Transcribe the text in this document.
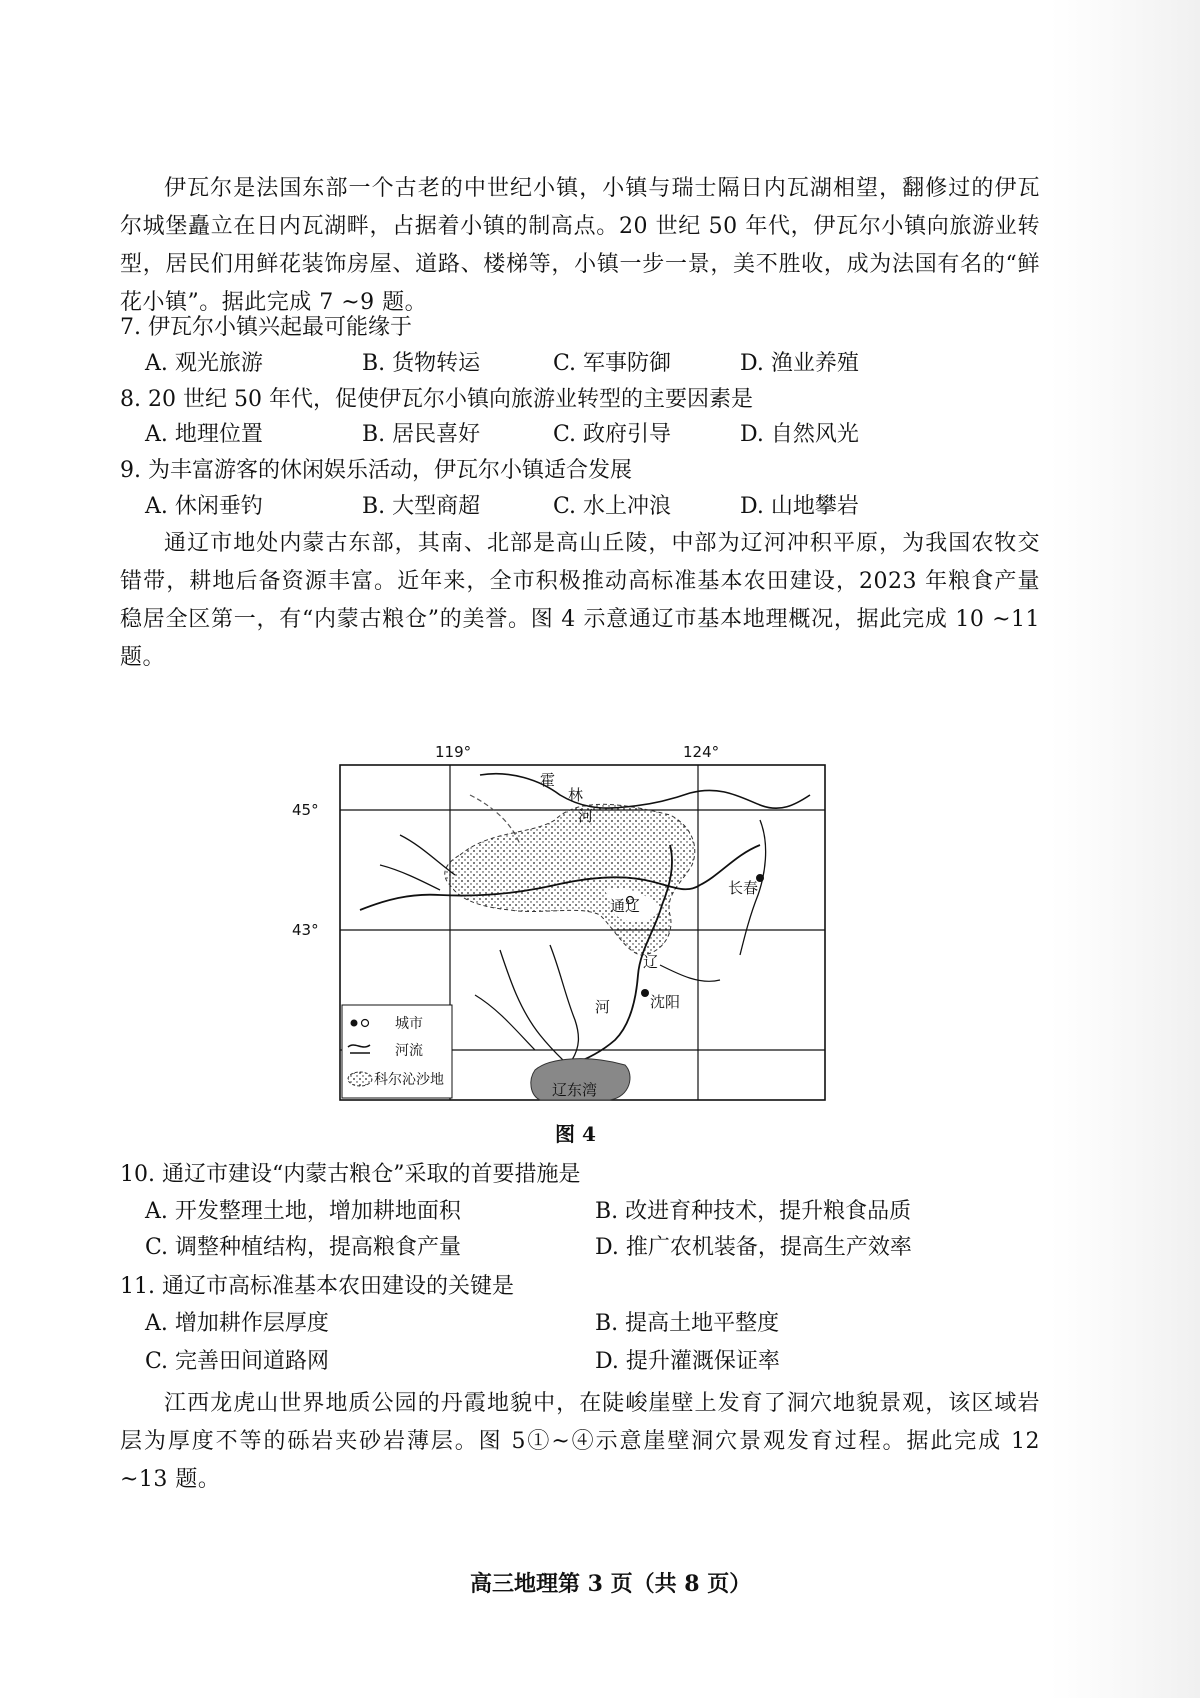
伊瓦尔是法国东部一个古老的中世纪小镇，小镇与瑞士隔日内瓦湖相望，翻修过的伊瓦尔城堡矗立在日内瓦湖畔，占据着小镇的制高点。20 世纪 50 年代，伊瓦尔小镇向旅游业转型，居民们用鲜花装饰房屋、道路、楼梯等，小镇一步一景，美不胜收，成为法国有名的“鲜花小镇”。据此完成 7 ~9 题。

7. 伊瓦尔小镇兴起最可能缘于

A. 观光旅游	B. 货物转运	C. 军事防御	D. 渔业养殖

8. 20 世纪 50 年代，促使伊瓦尔小镇向旅游业转型的主要因素是

A. 地理位置	B. 居民喜好	C. 政府引导	D. 自然风光

9. 为丰富游客的休闲娱乐活动，伊瓦尔小镇适合发展

A. 休闲垂钓	B. 大型商超	C. 水上冲浪	D. 山地攀岩

通辽市地处内蒙古东部，其南、北部是高山丘陵，中部为辽河冲积平原，为我国农牧交错带，耕地后备资源丰富。近年来，全市积极推动高标准基本农田建设，2023 年粮食产量稳居全区第一，有“内蒙古粮仓”的美誉。图 4 示意通辽市基本地理概况，据此完成 10 ~11 题。

119°	124°
45°
43°
霍
林
河
辽
河
长春
通辽
沈阳
辽东湾
城市
河流
科尔沁沙地
图 4

10. 通辽市建设“内蒙古粮仓”采取的首要措施是

A. 开发整理土地，增加耕地面积	B. 改进育种技术，提升粮食品质

C. 调整种植结构，提高粮食产量	D. 推广农机装备，提高生产效率

11. 通辽市高标准基本农田建设的关键是

A. 增加耕作层厚度	B. 提高土地平整度

C. 完善田间道路网	D. 提升灌溉保证率

江西龙虎山世界地质公园的丹霞地貌中，在陡峻崖壁上发育了洞穴地貌景观，该区域岩层为厚度不等的砾岩夹砂岩薄层。图 5①~④示意崖壁洞穴景观发育过程。据此完成 12 ~13 题。

高三地理第 3 页（共 8 页）
